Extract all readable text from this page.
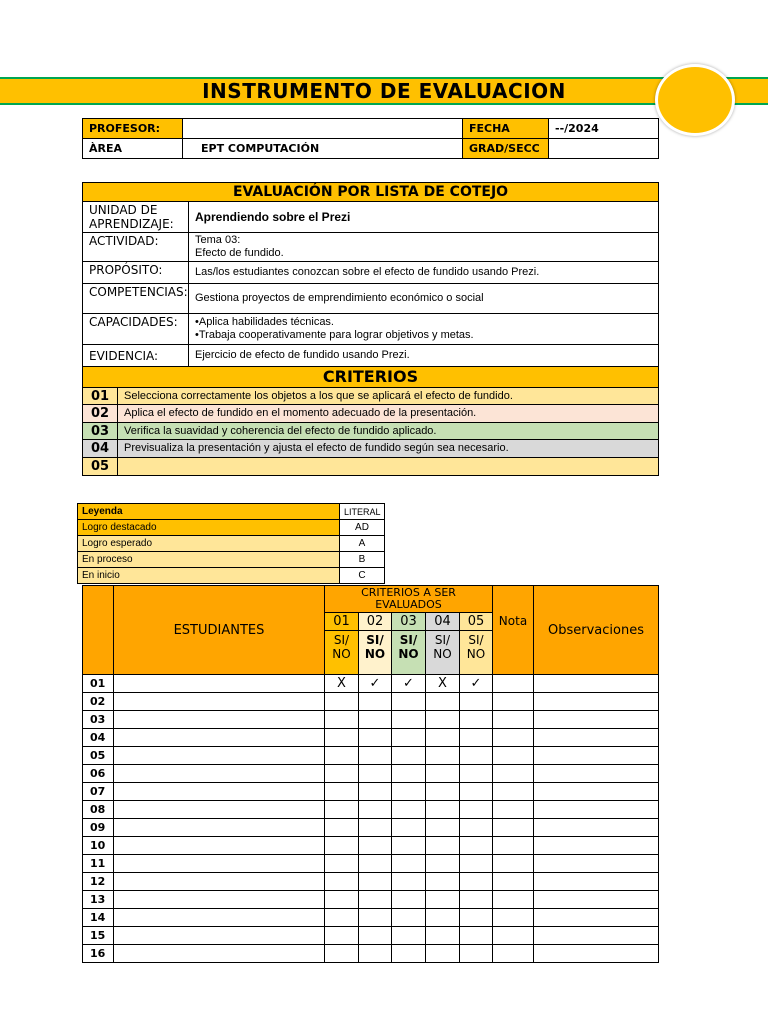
INSTRUMENTO DE EVALUACION
PROFESOR:		FECHA	--/2024
ÀREA	EPT COMPUTACIÓN	GRAD/SECC	
EVALUACIÓN POR LISTA DE COTEJO		
UNIDAD DE APRENDIZAJE:		Aprendiendo sobre el Prezi
ACTIVIDAD:		Tema 03:
Efecto de fundido.

PROPÓSITO:		Las/los estudiantes conozcan sobre el efecto de fundido usando Prezi.
COMPETENCIAS:		Gestiona proyectos de emprendimiento económico o social
CAPACIDADES:		•Aplica habilidades técnicas.
•Trabaja cooperativamente para lograr objetivos y metas.

EVIDENCIA:		Ejercicio de efecto de fundido usando Prezi.
CRITERIOS		
01	Selecciona correctamente los objetos a los que se aplicará el efecto de fundido.	
02	Aplica el efecto de fundido en el momento adecuado de la presentación.	
03	Verifica la suavidad y coherencia del efecto de fundido aplicado.	
04	Previsualiza la presentación y ajusta el efecto de fundido según sea necesario.	
05		
Leyenda	LITERAL
Logro destacado	AD
Logro esperado	A
En proceso	B
En inicio	C
	ESTUDIANTES	CRITERIOS A SER EVALUADOS					Nota	Observaciones
		01	02	03	04	05		
		SI/NO	SI/NO	SI/NO	SI/NO	SI/NO		

01		X	✓	✓	X	✓		
02								
03								
04								
05								
06								
07								
08								
09								
10								
11								
12								
13								
14								
15								
16								
